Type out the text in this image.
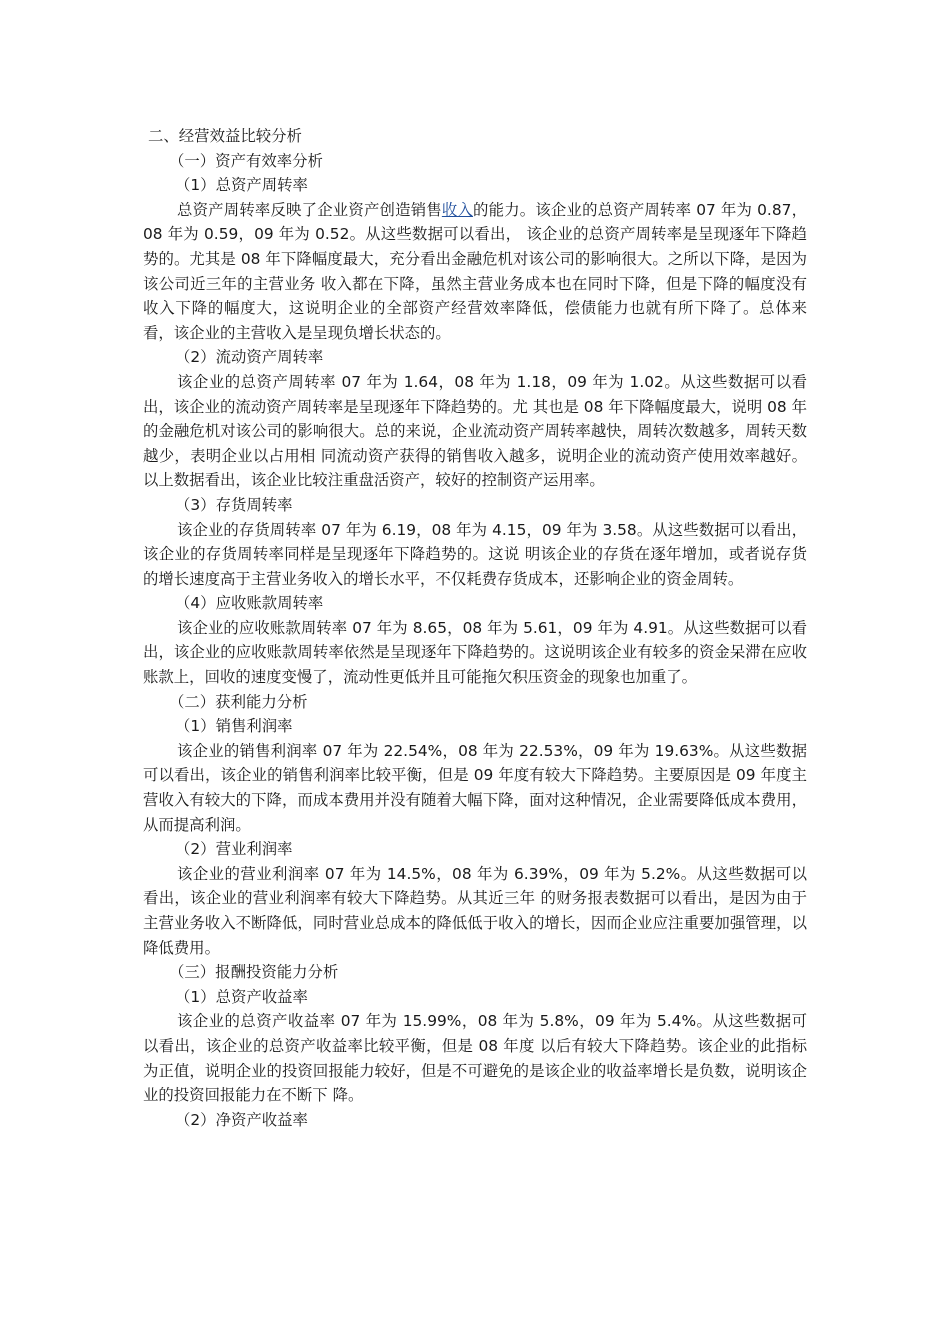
二、经营效益比较分析

（一）资产有效率分析

（1）总资产周转率

总资产周转率反映了企业资产创造销售收入的能力。该企业的总资产周转率 07 年为 0.87，08 年为 0.59，09 年为 0.52。从这些数据可以看出， 该企业的总资产周转率是呈现逐年下降趋势的。尤其是 08 年下降幅度最大，充分看出金融危机对该公司的影响很大。之所以下降，是因为该公司近三年的主营业务 收入都在下降，虽然主营业务成本也在同时下降，但是下降的幅度没有收入下降的幅度大，这说明企业的全部资产经营效率降低，偿债能力也就有所下降了。总体来 看，该企业的主营收入是呈现负增长状态的。

（2）流动资产周转率

该企业的总资产周转率 07 年为 1.64，08 年为 1.18，09 年为 1.02。从这些数据可以看出，该企业的流动资产周转率是呈现逐年下降趋势的。尤 其也是 08 年下降幅度最大，说明 08 年的金融危机对该公司的影响很大。总的来说，企业流动资产周转率越快，周转次数越多，周转天数越少，表明企业以占用相 同流动资产获得的销售收入越多，说明企业的流动资产使用效率越好。以上数据看出，该企业比较注重盘活资产，较好的控制资产运用率。

（3）存货周转率

该企业的存货周转率 07 年为 6.19，08 年为 4.15，09 年为 3.58。从这些数据可以看出，该企业的存货周转率同样是呈现逐年下降趋势的。这说 明该企业的存货在逐年增加，或者说存货的增长速度高于主营业务收入的增长水平，不仅耗费存货成本，还影响企业的资金周转。

（4）应收账款周转率

该企业的应收账款周转率 07 年为 8.65，08 年为 5.61，09 年为 4.91。从这些数据可以看出，该企业的应收账款周转率依然是呈现逐年下降趋势的。这说明该企业有较多的资金呆滞在应收账款上，回收的速度变慢了，流动性更低并且可能拖欠积压资金的现象也加重了。

（二）获利能力分析

（1）销售利润率

该企业的销售利润率 07 年为 22.54%，08 年为 22.53%，09 年为 19.63%。从这些数据可以看出，该企业的销售利润率比较平衡，但是 09 年度有较大下降趋势。主要原因是 09 年度主营收入有较大的下降，而成本费用并没有随着大幅下降，面对这种情况，企业需要降低成本费用，从而提高利润。

（2）营业利润率

该企业的营业利润率 07 年为 14.5%，08 年为 6.39%，09 年为 5.2%。从这些数据可以看出，该企业的营业利润率有较大下降趋势。从其近三年 的财务报表数据可以看出，是因为由于主营业务收入不断降低，同时营业总成本的降低低于收入的增长，因而企业应注重要加强管理，以降低费用。

（三）报酬投资能力分析

（1）总资产收益率

该企业的总资产收益率 07 年为 15.99%，08 年为 5.8%，09 年为 5.4%。从这些数据可以看出，该企业的总资产收益率比较平衡，但是 08 年度 以后有较大下降趋势。该企业的此指标为正值，说明企业的投资回报能力较好，但是不可避免的是该企业的收益率增长是负数，说明该企业的投资回报能力在不断下 降。

（2）净资产收益率
